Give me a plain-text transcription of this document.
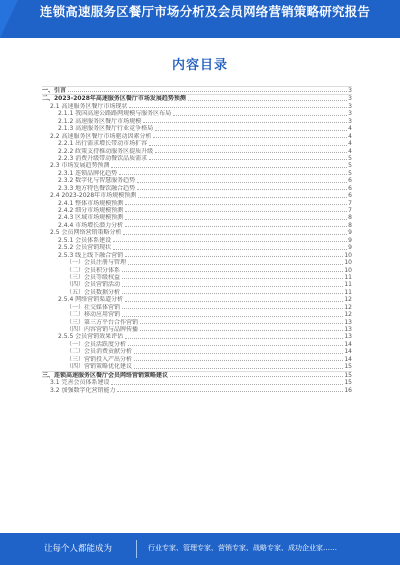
连锁高速服务区餐厅市场分析及会员网络营销策略研究报告
内容目录
一、引言	3
二、2023-2028年高速服务区餐厅市场发展趋势预测	3
2.1 高速服务区餐厅市场现状	3
2.1.1 我国高速公路路网规模与服务区布局	3
2.1.2 高速服务区餐厅市场规模	3
2.1.3 高速服务区餐厅行业竞争格局	4
2.2 高速服务区餐厅市场驱动因素分析	4
2.2.1 出行需求增长带动市场扩容	4
2.2.2 政策支持推动服务区提质升级	4
2.2.3 消费升级带动餐饮品质需求	5
2.3 市场发展趋势预测	5
2.3.1 连锁品牌化趋势	5
2.3.2 数字化与智慧服务趋势	6
2.3.3 地方特色餐饮融合趋势	6
2.4 2023-2028年市场规模预测	6
2.4.1 整体市场规模预测	7
2.4.2 细分市场规模预测	7
2.4.3 区域市场规模预测	8
2.4.4 市场增长潜力分析	8
2.5 会员网络营销策略分析	9
2.5.1 会员体系建设	9
2.5.2 会员营销现状	9
2.5.3 线上线下融合营销	10
（一）会员注册与管理	10
（二）会员积分体系	10
（三）会员等级权益	11
（四）会员营销活动	11
（五）会员数据分析	11
2.5.4 网络营销渠道分析	12
（一）社交媒体营销	12
（二）移动应用营销	12
（三）第三方平台合作营销	13
（四）内容营销与品牌传播	13
2.5.5 会员营销效果评估	13
（一）会员活跃度分析	14
（二）会员消费贡献分析	14
（三）营销投入产出分析	14
（四）营销策略优化建议	15
三、连锁高速服务区餐厅会员网络营销策略建议	15
3.1 完善会员体系建设	15
3.2 加强数字化营销能力	16
让每个人都能成为	行业专家、管理专家、营销专家、战略专家、成功企业家……
